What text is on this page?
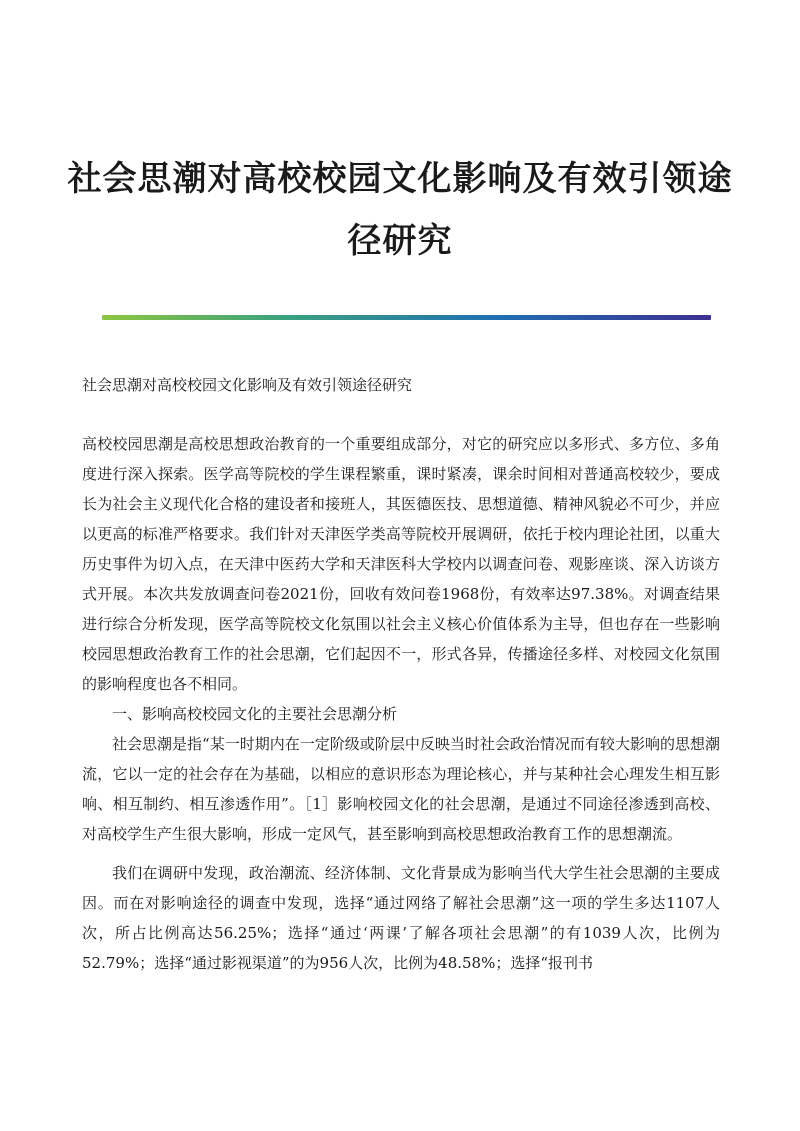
社会思潮对高校校园文化影响及有效引领途
径研究

社会思潮对高校校园文化影响及有效引领途径研究

高校校园思潮是高校思想政治教育的一个重要组成部分，对它的研究应以多形式、多方位、多角度进行深入探索。医学高等院校的学生课程繁重，课时紧凑，课余时间相对普通高校较少，要成长为社会主义现代化合格的建设者和接班人，其医德医技、思想道德、精神风貌必不可少，并应以更高的标准严格要求。我们针对天津医学类高等院校开展调研，依托于校内理论社团，以重大历史事件为切入点，在天津中医药大学和天津医科大学校内以调查问卷、观影座谈、深入访谈方式开展。本次共发放调查问卷2021份，回收有效问卷1968份，有效率达97.38%。对调查结果进行综合分析发现，医学高等院校文化氛围以社会主义核心价值体系为主导，但也存在一些影响校园思想政治教育工作的社会思潮，它们起因不一，形式各异，传播途径多样、对校园文化氛围的影响程度也各不相同。

一、影响高校校园文化的主要社会思潮分析

社会思潮是指“某一时期内在一定阶级或阶层中反映当时社会政治情况而有较大影响的思想潮流，它以一定的社会存在为基础，以相应的意识形态为理论核心，并与某种社会心理发生相互影响、相互制约、相互渗透作用”。［1］影响校园文化的社会思潮，是通过不同途径渗透到高校、对高校学生产生很大影响，形成一定风气，甚至影响到高校思想政治教育工作的思想潮流。

我们在调研中发现，政治潮流、经济体制、文化背景成为影响当代大学生社会思潮的主要成因。而在对影响途径的调查中发现，选择“通过网络了解社会思潮”这一项的学生多达1107人次，所占比例高达56.25%；选择“通过‘两课’了解各项社会思潮”的有1039人次，比例为52.79%；选择“通过影视渠道”的为956人次，比例为48.58%；选择“报刊书
